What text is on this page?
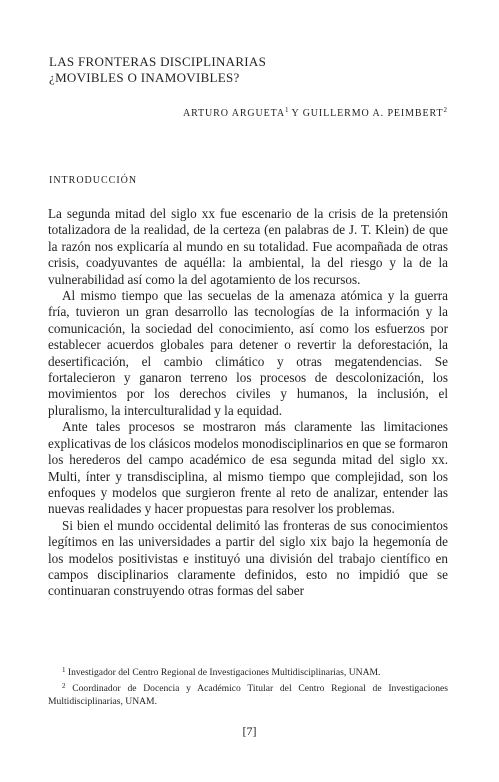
LAS FRONTERAS DISCIPLINARIAS
¿MOVIBLES O INAMOVIBLES?
ARTURO ARGUETA$^1$ Y GUILLERMO A. PEIMBERT$^2$
INTRODUCCIÓN

La segunda mitad del siglo xx fue escenario de la crisis de la pretensión totalizadora de la realidad, de la certeza (en palabras de J. T. Klein) de que la razón nos explicaría al mundo en su totalidad. Fue acompañada de otras crisis, coadyuvantes de aquélla: la ambiental, la del riesgo y la de la vulnerabilidad así como la del agotamiento de los recursos.

Al mismo tiempo que las secuelas de la amenaza atómica y la guerra fría, tuvieron un gran desarrollo las tecnologías de la información y la comunicación, la sociedad del conocimiento, así como los esfuerzos por establecer acuerdos globales para detener o revertir la deforestación, la desertificación, el cambio climático y otras megatendencias. Se fortalecieron y ganaron terreno los procesos de descolonización, los movimientos por los derechos civiles y humanos, la inclusión, el pluralismo, la interculturalidad y la equidad.

Ante tales procesos se mostraron más claramente las limitaciones explicativas de los clásicos modelos monodisciplinarios en que se formaron los herederos del campo académico de esa segunda mitad del siglo xx. Multi, ínter y transdisciplina, al mismo tiempo que complejidad, son los enfoques y modelos que surgieron frente al reto de analizar, entender las nuevas realidades y hacer propuestas para resolver los problemas.

Si bien el mundo occidental delimitó las fronteras de sus conocimientos legítimos en las universidades a partir del siglo xix bajo la hegemonía de los modelos positivistas e instituyó una división del trabajo científico en campos disciplinarios claramente definidos, esto no impidió que se continuaran construyendo otras formas del saber

$^1$ Investigador del Centro Regional de Investigaciones Multidisciplinarias, UNAM.

$^2$ Coordinador de Docencia y Académico Titular del Centro Regional de Investigaciones Multidisciplinarias, UNAM.

[7]
